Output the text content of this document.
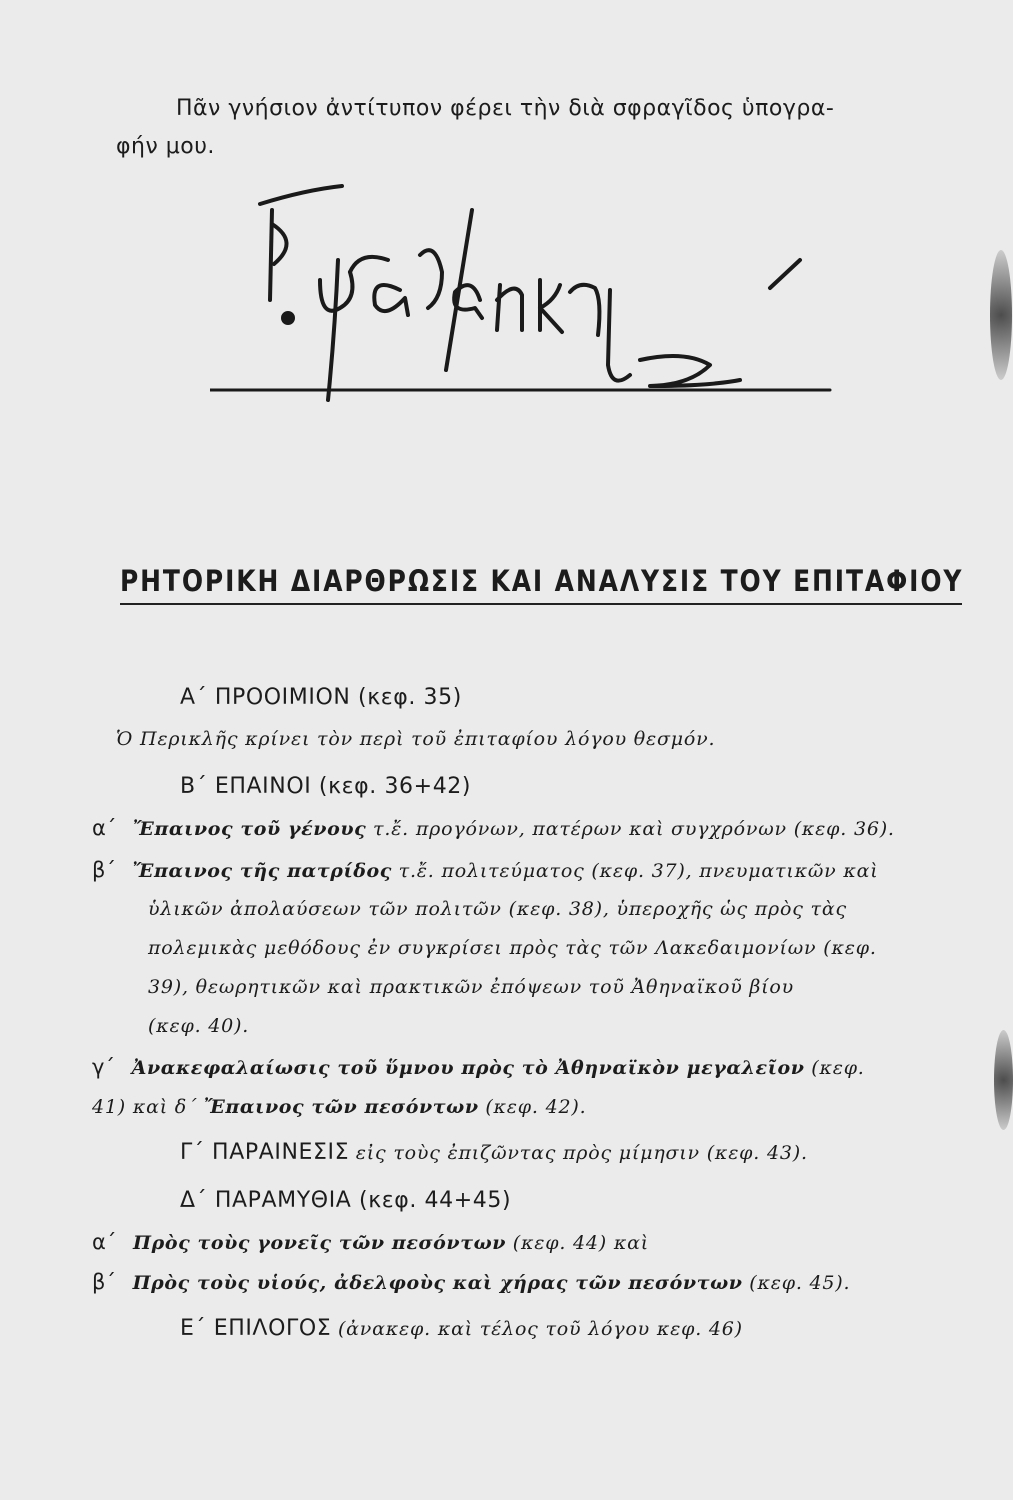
Πᾶν γνήσιον ἀντίτυπον φέρει τὴν διὰ σφραγῖδος ὑπογρα-
φήν μου.
ΡΗΤΟΡΙΚΗ ΔΙΑΡΘΡΩΣΙΣ ΚΑΙ ΑΝΑΛΥΣΙΣ ΤΟΥ ΕΠΙΤΑΦΙΟΥ
Α΄ ΠΡΟΟΙΜΙΟΝ (κεφ. 35)
Ὁ Περικλῆς κρίνει τὸν περὶ τοῦ ἐπιταφίου λόγου θεσμόν.
Β΄ ΕΠΑΙΝΟΙ (κεφ. 36+42)
α΄ Ἔπαινος τοῦ γένους τ.ἔ. προγόνων, πατέρων καὶ συγχρόνων (κεφ. 36).
β΄ Ἔπαινος τῆς πατρίδος τ.ἔ. πολιτεύματος (κεφ. 37), πνευματικῶν καὶ
ὑλικῶν ἀπολαύσεων τῶν πολιτῶν (κεφ. 38), ὑπεροχῆς ὡς πρὸς τὰς
πολεμικὰς μεθόδους ἐν συγκρίσει πρὸς τὰς τῶν Λακεδαιμονίων (κεφ.
39), θεωρητικῶν καὶ πρακτικῶν ἐπόψεων τοῦ Ἀθηναϊκοῦ βίου
(κεφ. 40).
γ΄ Ἀνακεφαλαίωσις τοῦ ὕμνου πρὸς τὸ Ἀθηναϊκὸν μεγαλεῖον (κεφ.
41) καὶ δ΄ Ἔπαινος τῶν πεσόντων (κεφ. 42).
Γ΄ ΠΑΡΑΙΝΕΣΙΣ εἰς τοὺς ἐπιζῶντας πρὸς μίμησιν (κεφ. 43).
Δ΄ ΠΑΡΑΜΥΘΙΑ (κεφ. 44+45)
α΄ Πρὸς τοὺς γονεῖς τῶν πεσόντων (κεφ. 44) καὶ
β΄ Πρὸς τοὺς υἱούς, ἀδελφοὺς καὶ χήρας τῶν πεσόντων (κεφ. 45).
Ε΄ ΕΠΙΛΟΓΟΣ (ἀνακεφ. καὶ τέλος τοῦ λόγου κεφ. 46)
